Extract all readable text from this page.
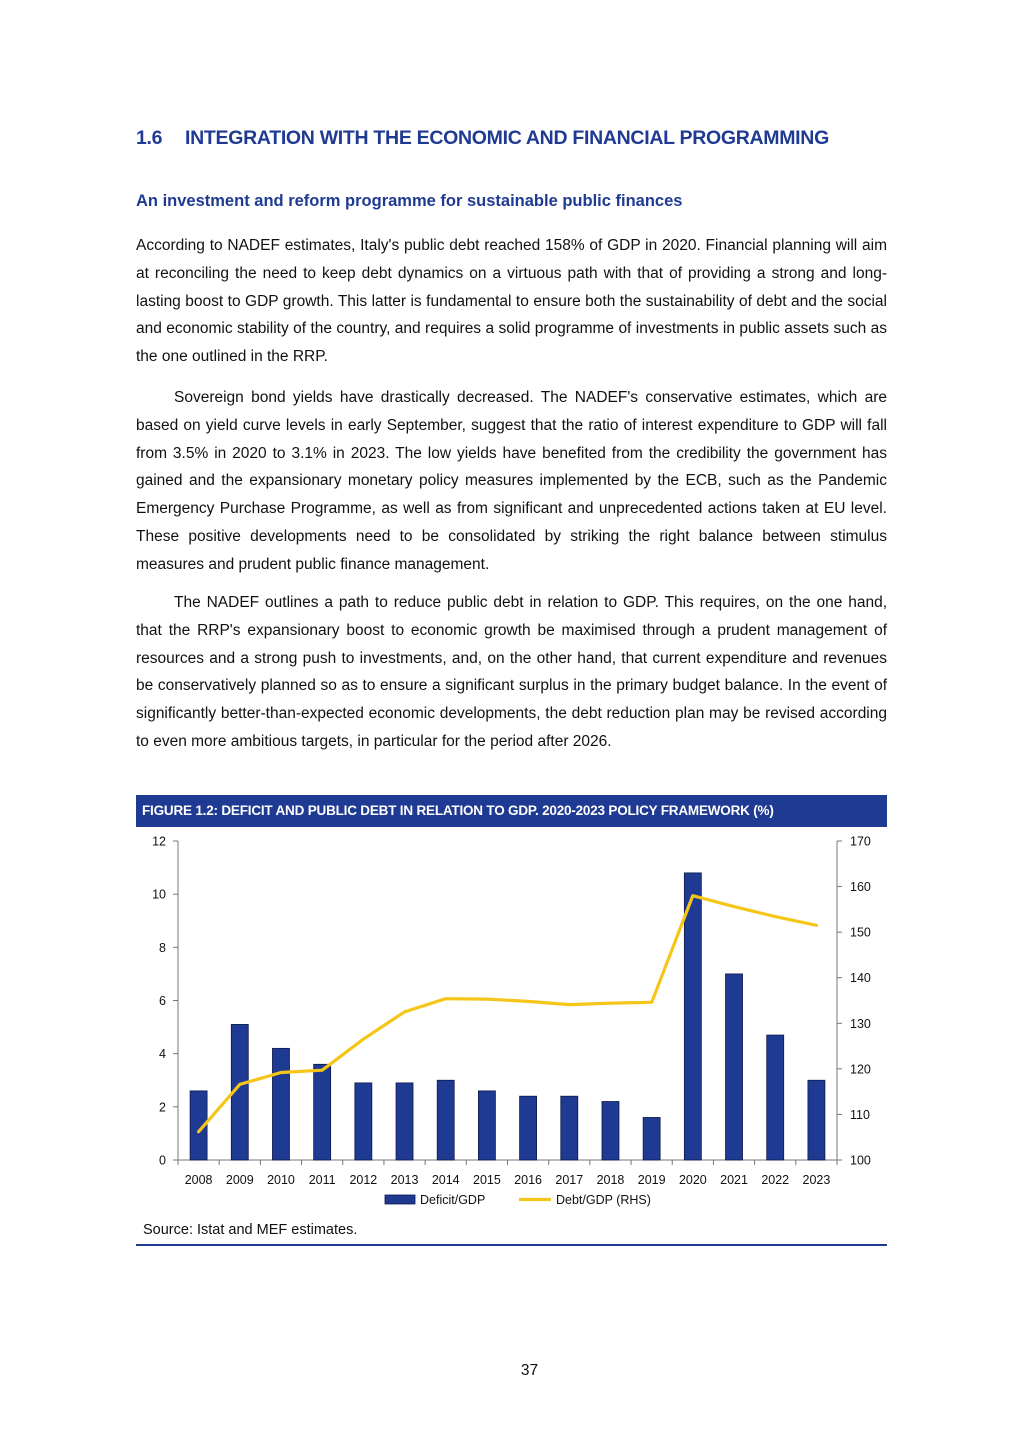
1.6 INTEGRATION WITH THE ECONOMIC AND FINANCIAL PROGRAMMING
An investment and reform programme for sustainable public finances

According to NADEF estimates, Italy's public debt reached 158% of GDP in 2020. Financial planning will aim at reconciling the need to keep debt dynamics on a virtuous path with that of providing a strong and long-lasting boost to GDP growth. This latter is fundamental to ensure both the sustainability of debt and the social and economic stability of the country, and requires a solid programme of investments in public assets such as the one outlined in the RRP.

Sovereign bond yields have drastically decreased. The NADEF's conservative estimates, which are based on yield curve levels in early September, suggest that the ratio of interest expenditure to GDP will fall from 3.5% in 2020 to 3.1% in 2023. The low yields have benefited from the credibility the government has gained and the expansionary monetary policy measures implemented by the ECB, such as the Pandemic Emergency Purchase Programme, as well as from significant and unprecedented actions taken at EU level. These positive developments need to be consolidated by striking the right balance between stimulus measures and prudent public finance management.

The NADEF outlines a path to reduce public debt in relation to GDP. This requires, on the one hand, that the RRP's expansionary boost to economic growth be maximised through a prudent management of resources and a strong push to investments, and, on the other hand, that current expenditure and revenues be conservatively planned so as to ensure a significant surplus in the primary budget balance. In the event of significantly better-than-expected economic developments, the debt reduction plan may be revised according to even more ambitious targets, in particular for the period after 2026.

FIGURE 1.2: DEFICIT AND PUBLIC DEBT IN RELATION TO GDP. 2020-2023 POLICY FRAMEWORK (%)
0
2
4
6
8
10
12
100
110
120
130
140
150
160
170
2008 2009 2010 2011 2012 2013 2014 2015 2016 2017 2018 2019 2020 2021 2022 2023
Deficit/GDP	Debt/GDP (RHS)
Source: Istat and MEF estimates.
37
